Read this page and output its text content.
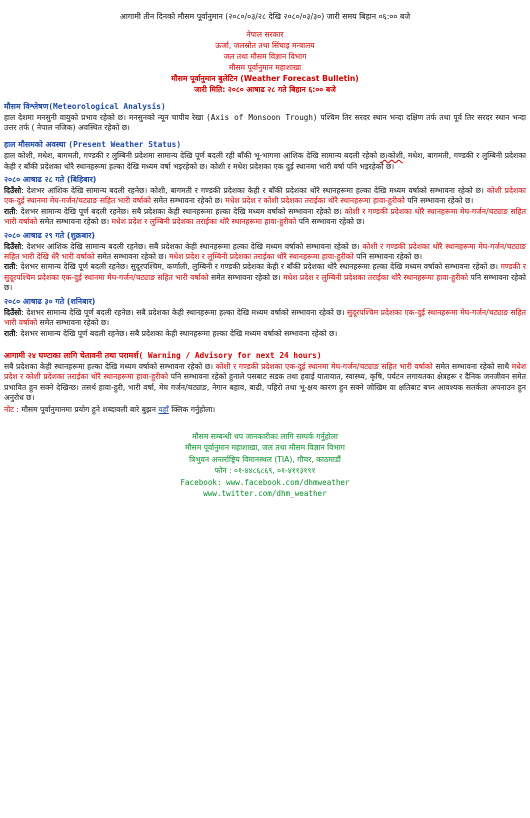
आगामी तीन दिनको मौसम पूर्वानुमान (२०८०/०३/२८ देखि २०८०/०३/३०) जारी समय बिहान ०६:०० बजे
नेपाल सरकार
ऊर्जा, जलस्रोत तथा सिंचाइ मन्त्रालय
जल तथा मौसम विज्ञान विभाग
मौसम पूर्वानुमान महाशाखा
मौसम पूर्वानुमान बुलेटिन (Weather Forecast Bulletin)
जारी मिति: २०८० आषाढ २८ गते बिहान ६:०० बजे
मौसम विश्लेषण(Meteorological Analysis)

हाल देशमा मनसुनी वायुको प्रभाव रहेको छ। मनसुनको न्यून चापीय रेखा (Axis of Monsoon Trough) पश्चिम तिर सरदर स्थान भन्दा दक्षिण तर्फ तथा पूर्व तिर सरदर स्थान भन्दा उत्तर तर्फ ( नेपाल नजिक) अवस्थित रहेको छ।

हाल मौसमको अवस्था (Present Weather Status)

हाल कोशी, मधेश, बागमती, गण्डकी र लुम्बिनी प्रदेशमा सामान्य देखि पूर्ण बदली रही बाँकी भू-भागमा आंशिक देखि सामान्य बदली रहेको छ।कोशी, मधेश, बागमती, गण्डकी र लुम्बिनी प्रदेशका केही र बाँकी प्रदेशका थोरै स्थानहरूमा हल्का देखि मध्यम वर्षा भइरहेको छ। कोशी र मधेश प्रदेशका एक दुई स्थानमा भारी वर्षा पनि भइरहेको छ।

२०८० आषाढ २८ गते (बिहिबार)

दिउँसो: देशभर आंशिक देखि सामान्य बदली रहनेछ। कोशी, बागमती र गण्डकी प्रदेशका केही र बाँकी प्रदेशका थोरै स्थानहरूमा हल्का देखि मध्यम वर्षाको सम्भावना रहेको छ। कोशी प्रदेशका एक-दुई स्थानमा मेघ-गर्जन/चट्याङ सहित भारी वर्षाको समेत सम्भावना रहेको छ। मधेश प्रदेश र कोशी प्रदेशका तराईका थोरै स्थानहरूमा हावा-हुरीको पनि सम्भावना रहेको छ।

राती: देशभर सामान्य देखि पूर्ण बदली रहनेछ। सबै प्रदेशका केही स्थानहरूमा हल्का देखि मध्यम वर्षाको सम्भावना रहेको छ। कोशी र गण्डकी प्रदेशका थोरै स्थानहरूमा मेघ-गर्जन/चट्याङ सहित भारी वर्षाको समेत सम्भावना रहेको छ। मधेश प्रदेश र लुम्बिनी प्रदेशका तराईका थोरै स्थानहरूमा हावा-हुरीको पनि सम्भावना रहेको छ।

२०८० आषाढ २९ गते (शुक्रबार)

दिउँसो: देशभर आंशिक देखि सामान्य बदली रहनेछ। सबै प्रदेशका केही स्थानहरूमा हल्का देखि मध्यम वर्षाको सम्भावना रहेको छ। कोशी र गण्डकी प्रदेशका थोरै स्थानहरूमा मेघ-गर्जन/चट्याङ सहित भारी देखि धेरै भारी वर्षाको समेत सम्भावना रहेको छ। मधेश प्रदेश र लुम्बिनी प्रदेशका तराईका थोरै स्थानहरूमा हावा-हुरीको पनि सम्भावना रहेको छ।

राती: देशभर सामान्य देखि पूर्ण बदली रहनेछ। सुदूरपश्चिम, कर्णाली, लुम्बिनी र गण्डकी प्रदेशका केही र बाँकी प्रदेशका थोरै स्थानहरूमा हल्का देखि मध्यम वर्षाको सम्भावना रहेको छ। गण्डकी र सुदूरपश्चिम प्रदेशका एक-दुई स्थानमा मेघ-गर्जन/चट्याङ सहित भारी वर्षाको समेत सम्भावना रहेको छ। मधेश प्रदेश र लुम्बिनी प्रदेशका तराईका थोरै स्थानहरूमा हावा-हुरीको पनि सम्भावना रहेको छ।

२०८० आषाढ ३० गते (शनिबार)

दिउँसो: देशभर सामान्य देखि पूर्ण बदली रहनेछ। सबै प्रदेशका केही स्थानहरूमा हल्का देखि मध्यम वर्षाको सम्भावना रहेको छ। सुदूरपश्चिम प्रदेशका एक-दुई स्थानहरूमा मेघ-गर्जन/चट्याङ सहित भारी वर्षाको समेत सम्भावना रहेको छ।

राती: देशभर सामान्य देखि पूर्ण बदली रहनेछ। सबै प्रदेशका केही स्थानहरूमा हल्का देखि मध्यम वर्षाको सम्भावना रहेको छ।

आगामी २४ घण्टाका लागि चेतावनी तथा परामर्श( Warning / Advisory for next 24 hours)

सबै प्रदेशका केही स्थानहरूमा हल्का देखि मध्यम वर्षाको सम्भावना रहेको छ। कोशी र गण्डकी प्रदेशका एक-दुई स्थानमा मेघ-गर्जन/चट्याङ सहित भारी वर्षाको समेत सम्भावना रहेको साथै मधेश प्रदेश र कोशी प्रदेशका तराईका थोरै स्थानहरूमा हावा-हुरीको पनि सम्भावना रहेको हुनाले पसबाट सडक तथा हवाई यातायात, स्वास्थ्य, कृषि, पर्यटन लगायतका क्षेत्रहरू र दैनिक जनजीवन समेत प्रभावित हुन सक्ने देखिन्छ। तसर्थ हावा-हुरी, भारी वर्षा, मेघ गर्जन/चट्याङ, नेगान बहाव, बाढी, पहिरो तथा भू-क्षय कारण हुन सक्ने जोखिम वा क्षतिबाट बच्न आवश्यक सतर्कता अपनाउन हुन अनुरोध छ।

नोट : मौसम पूर्वानुमानमा प्रयोग हुने शब्दावली बारे बुझन यहाँ क्लिक गर्नुहोला।

मौसम सम्बन्धी थप जानकारीका लागि सम्पर्क गर्नुहोला
मौसम पूर्वानुमान महाशाखा, जल तथा मौसम विज्ञान विभाग
त्रिभुवन अन्तर्राष्ट्रिय विमानस्थल (TIA), गौचर, काठमाडौं
फोन : ०१-४४८६८६९, ०१-४११३१९१
Facebook: www.facebook.com/dhmweather
www.twitter.com/dhm_weather
